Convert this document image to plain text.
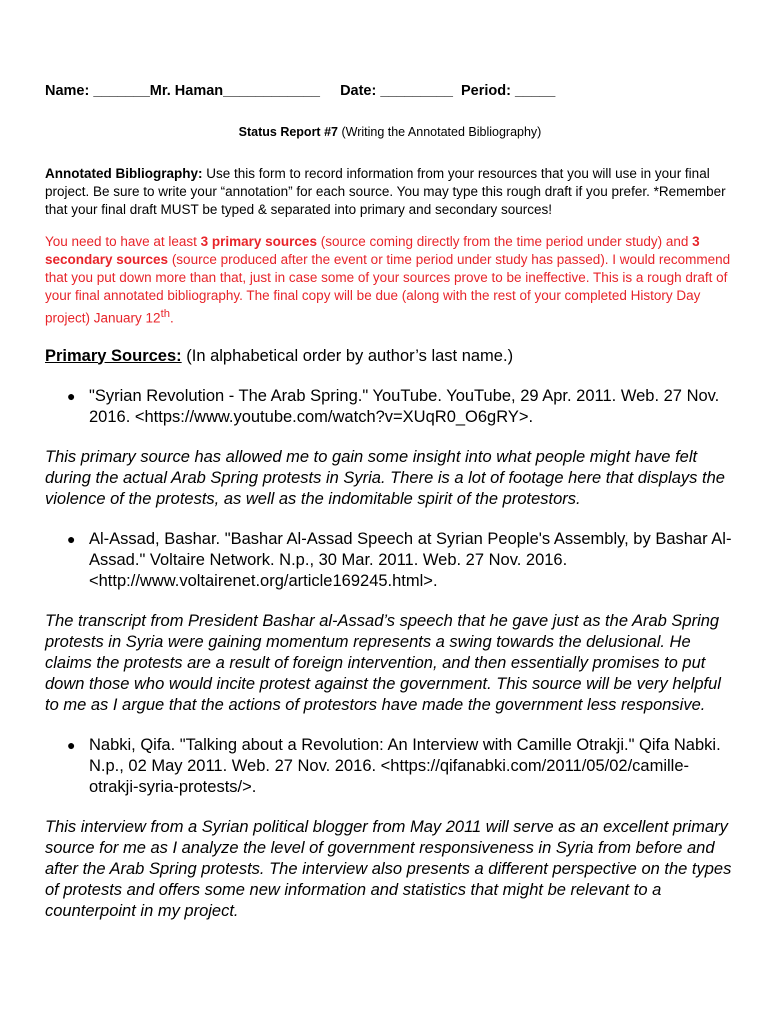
Name: _______Mr. Haman____________ Date: _________ Period: _____

Status Report #7 (Writing the Annotated Bibliography)
Annotated Bibliography: Use this form to record information from your resources that you will use in your final project. Be sure to write your “annotation” for each source. You may type this rough draft if you prefer. *Remember that your final draft MUST be typed & separated into primary and secondary sources!
You need to have at least 3 primary sources (source coming directly from the time period under study) and 3 secondary sources (source produced after the event or time period under study has passed). I would recommend that you put down more than that, just in case some of your sources prove to be ineffective. This is a rough draft of your final annotated bibliography. The final copy will be due (along with the rest of your completed History Day project) January 12th.
Primary Sources: (In alphabetical order by author’s last name.)
● "Syrian Revolution - The Arab Spring." YouTube. YouTube, 29 Apr. 2011. Web. 27 Nov. 2016. <https://www.youtube.com/watch?v=XUqR0_O6gRY>.
This primary source has allowed me to gain some insight into what people might have felt during the actual Arab Spring protests in Syria. There is a lot of footage here that displays the violence of the protests, as well as the indomitable spirit of the protestors.
● Al-Assad, Bashar. "Bashar Al-Assad Speech at Syrian People's Assembly, by Bashar Al-Assad." Voltaire Network. N.p., 30 Mar. 2011. Web. 27 Nov. 2016. <http://www.voltairenet.org/article169245.html>.
The transcript from President Bashar al-Assad’s speech that he gave just as the Arab Spring protests in Syria were gaining momentum represents a swing towards the delusional. He claims the protests are a result of foreign intervention, and then essentially promises to put down those who would incite protest against the government. This source will be very helpful to me as I argue that the actions of protestors have made the government less responsive.
● Nabki, Qifa. "Talking about a Revolution: An Interview with Camille Otrakji." Qifa Nabki. N.p., 02 May 2011. Web. 27 Nov. 2016. <https://qifanabki.com/2011/05/02/camille-otrakji-syria-protests/>.
This interview from a Syrian political blogger from May 2011 will serve as an excellent primary source for me as I analyze the level of government responsiveness in Syria from before and after the Arab Spring protests. The interview also presents a different perspective on the types of protests and offers some new information and statistics that might be relevant to a counterpoint in my project.
